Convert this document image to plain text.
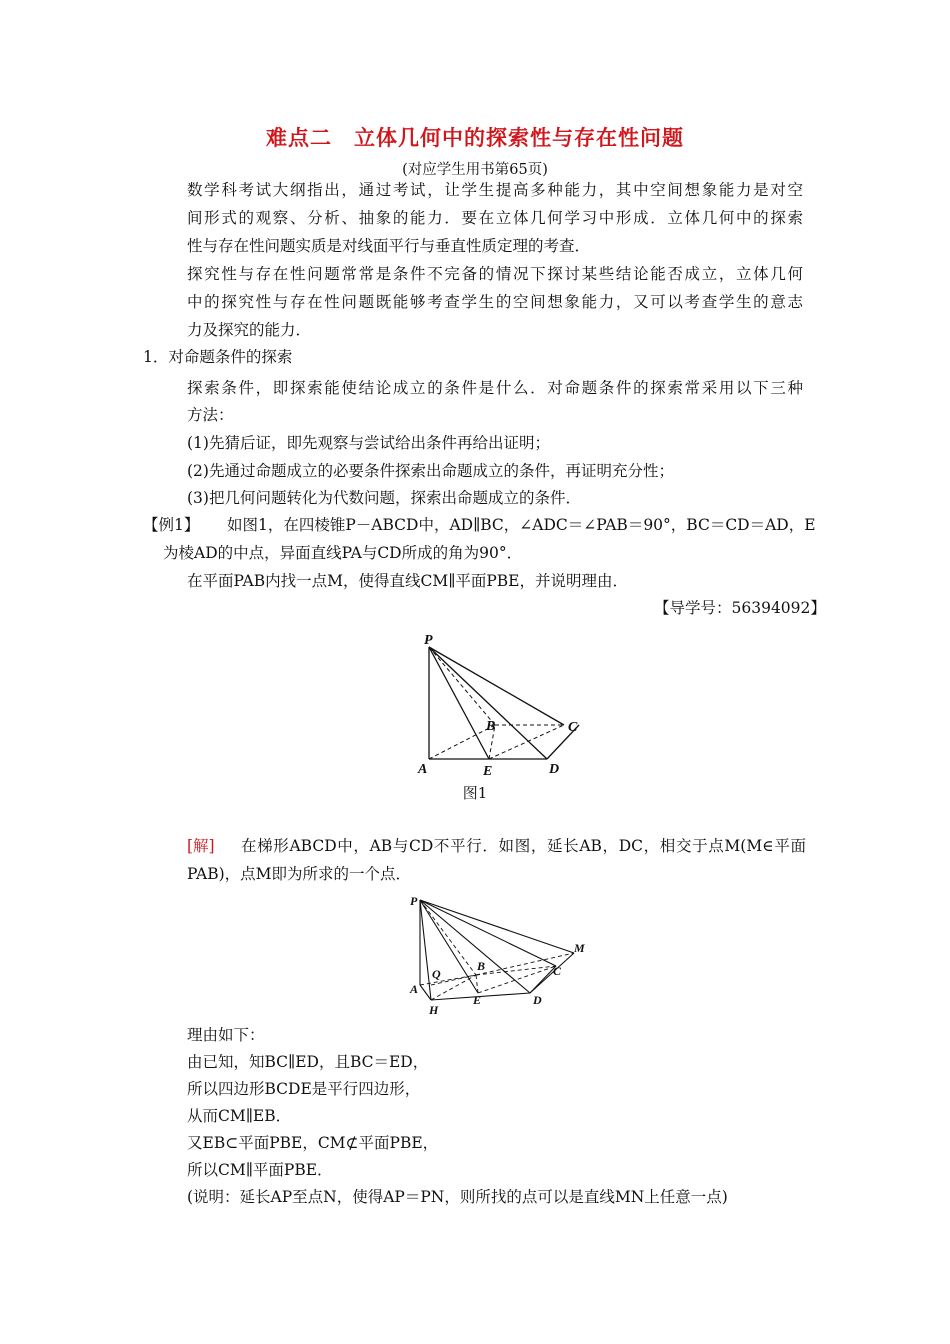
难点二 立体几何中的探索性与存在性问题
(对应学生用书第65页)
数学科考试大纲指出，通过考试，让学生提高多种能力，其中空间想象能力是对空
间形式的观察、分析、抽象的能力．要在立体几何学习中形成．立体几何中的探索
性与存在性问题实质是对线面平行与垂直性质定理的考查．
探究性与存在性问题常常是条件不完备的情况下探讨某些结论能否成立，立体几何
中的探究性与存在性问题既能够考查学生的空间想象能力，又可以考查学生的意志
力及探究的能力．
1．对命题条件的探索
探索条件，即探索能使结论成立的条件是什么．对命题条件的探索常采用以下三种
方法：
(1)先猜后证，即先观察与尝试给出条件再给出证明；
(2)先通过命题成立的必要条件探索出命题成立的条件，再证明充分性；
(3)把几何问题转化为代数问题，探索出命题成立的条件．
【例1】 如图1，在四棱锥P－ABCD中，AD∥BC，∠ADC＝∠PAB＝90°，BC＝CD＝AD，E
为棱AD的中点，异面直线PA与CD所成的角为90°．
在平面PAB内找一点M，使得直线CM∥平面PBE，并说明理由．
【导学号：56394092】
P
B	C
A	E	D
图1
[解] 在梯形ABCD中，AB与CD不平行．如图，延长AB，DC，相交于点M(M∈平面
PAB)，点M即为所求的一个点．
P
Q
B	C
M
A
E	D
H
理由如下：
由已知，知BC∥ED，且BC＝ED，
所以四边形BCDE是平行四边形，
从而CM∥EB．
又EB⊂平面PBE，CM⊄平面PBE，
所以CM∥平面PBE．
(说明：延长AP至点N，使得AP＝PN，则所找的点可以是直线MN上任意一点)
